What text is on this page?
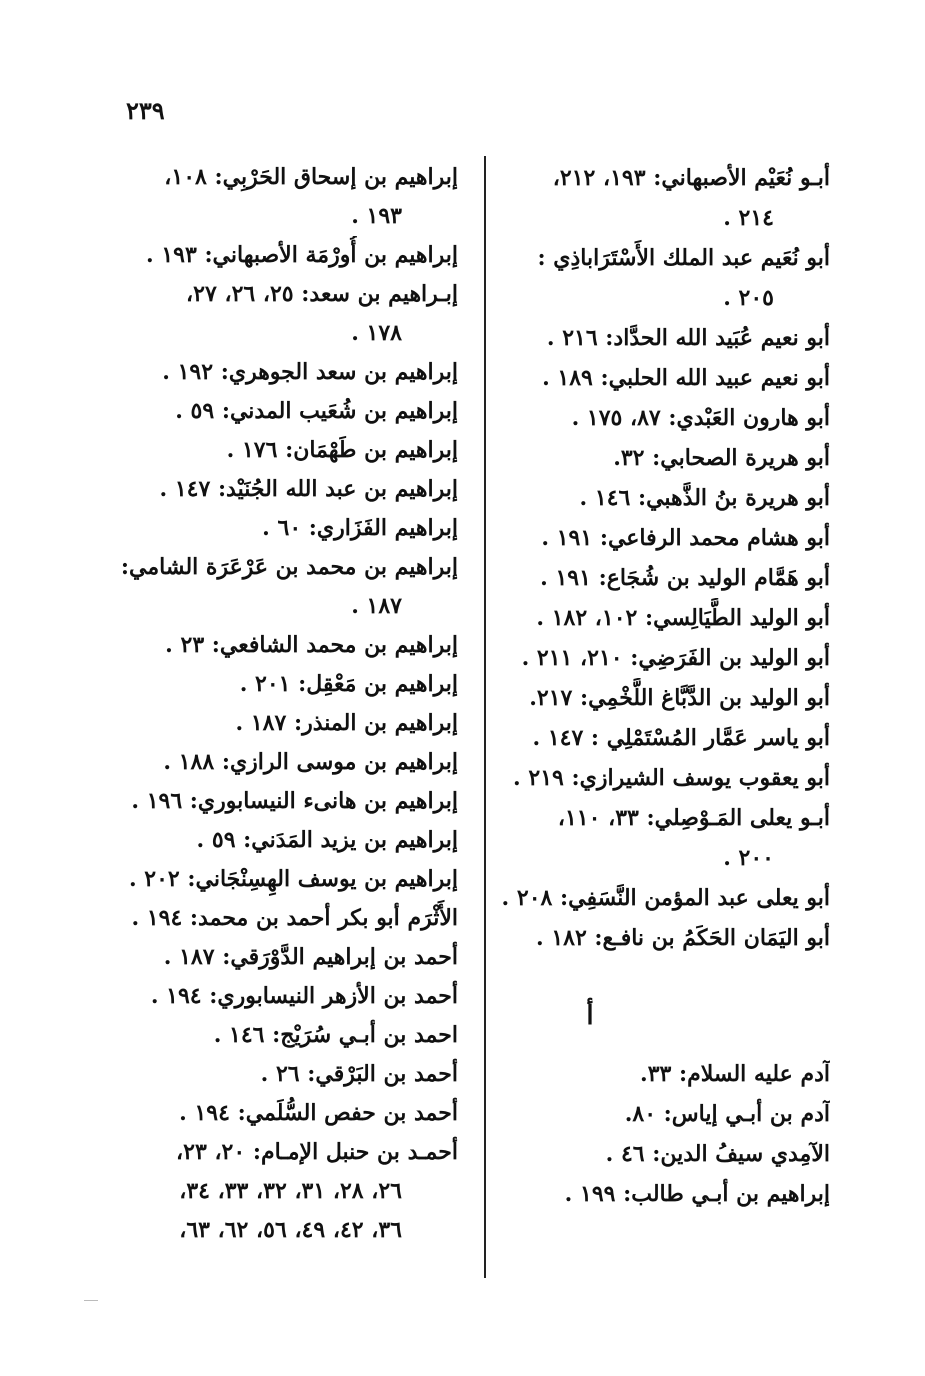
۲۳۹
أبـو نُعَيْم الأصبهاني: ۱۹۳، ۲۱۲،
۲۱٤ .
أبو نُعَيم عبد الملك الأَسْتَرَاباذِي :
۲۰٥ .
أبو نعيم عُبَيد الله الحدَّاد: ۲۱٦ .
أبو نعيم عبيد الله الحلبي: ۱۸۹ .
أبو هارون العَبْدي: ۸۷، ۱۷٥ .
أبو هريرة الصحابي: ۳۲.
أبو هريرة بنُ الذَّهبي: ۱٤٦ .
أبو هشام محمد الرفاعي: ۱۹۱ .
أبو هَمَّام الوليد بن شُجَاع: ۱۹۱ .
أبو الوليد الطَّيَالِسي: ۱۰۲، ۱۸۲ .
أبو الوليد بن الفَرَضِي: ۲۱۰، ۲۱۱ .
أبو الوليد بن الدَّبَّاغ اللَّخْمِي: ۲۱۷.
أبو ياسر عَمَّار المُسْتَمْلِي : ۱٤۷ .
أبو يعقوب يوسف الشيرازي: ۲۱۹ .
أبـو يعلى المَـوْصِلي: ۳۳، ۱۱۰،
۲۰۰ .
أبو يعلى عبد المؤمن النَّسَفِي: ۲۰۸ .
أبو اليَمَان الحَكَمُ بن نافـع: ۱۸۲ .
أ
آدم عليه السلام: ۳۳.
آدم بن أبـي إياس: ۸۰.
الآمِدي سيفُ الدين: ٤٦ .
إبراهيم بن أبـي طالب: ۱۹۹ .
إبراهيم بن إسحاق الحَرْبِي: ۱۰۸،
۱۹۳ .
إبراهيم بن أُورْمَة الأصبهاني: ۱۹۳ .
إبـراهيم بن سعد: ۲٥، ۲٦، ۲۷،
۱۷۸ .
إبراهيم بن سعد الجوهري: ۱۹۲ .
إبراهيم بن شُعَيب المدني: ٥۹ .
إبراهيم بن طَهْمَان: ۱۷٦ .
إبراهيم بن عبد الله الجُنَيْد: ۱٤۷ .
إبراهيم الفَزَاري: ٦۰ .
إبراهيم بن محمد بن عَرْعَرَة الشامي:
۱۸۷ .
إبراهيم بن محمد الشافعي: ۲۳ .
إبراهيم بن مَعْقِل: ۲۰۱ .
إبراهيم بن المنذر: ۱۸۷ .
إبراهيم بن موسى الرازي: ۱۸۸ .
إبراهيم بن هانىء النيسابوري: ۱۹٦ .
إبراهيم بن يزيد المَدَني: ٥۹ .
إبراهيم بن يوسف الهِسِنْجَاني: ۲۰۲ .
الأَثْرَم أبو بكر أحمد بن محمد: ۱۹٤ .
أحمد بن إبراهيم الدَّوْرَقي: ۱۸۷ .
أحمد بن الأزهر النيسابوري: ۱۹٤ .
احمد بن أبـي سُرَيْج: ۱٤٦ .
أحمد بن البَرْقي: ۲٦ .
أحمد بن حفص السُّلَمي: ۱۹٤ .
أحمـد بن حنبل الإمـام: ۲۰، ۲۳،
۲٦، ۲۸، ۳۱، ۳۲، ۳۳، ۳٤،
۳٦، ٤۲، ٤۹، ٥٦، ٦۲، ٦۳،
